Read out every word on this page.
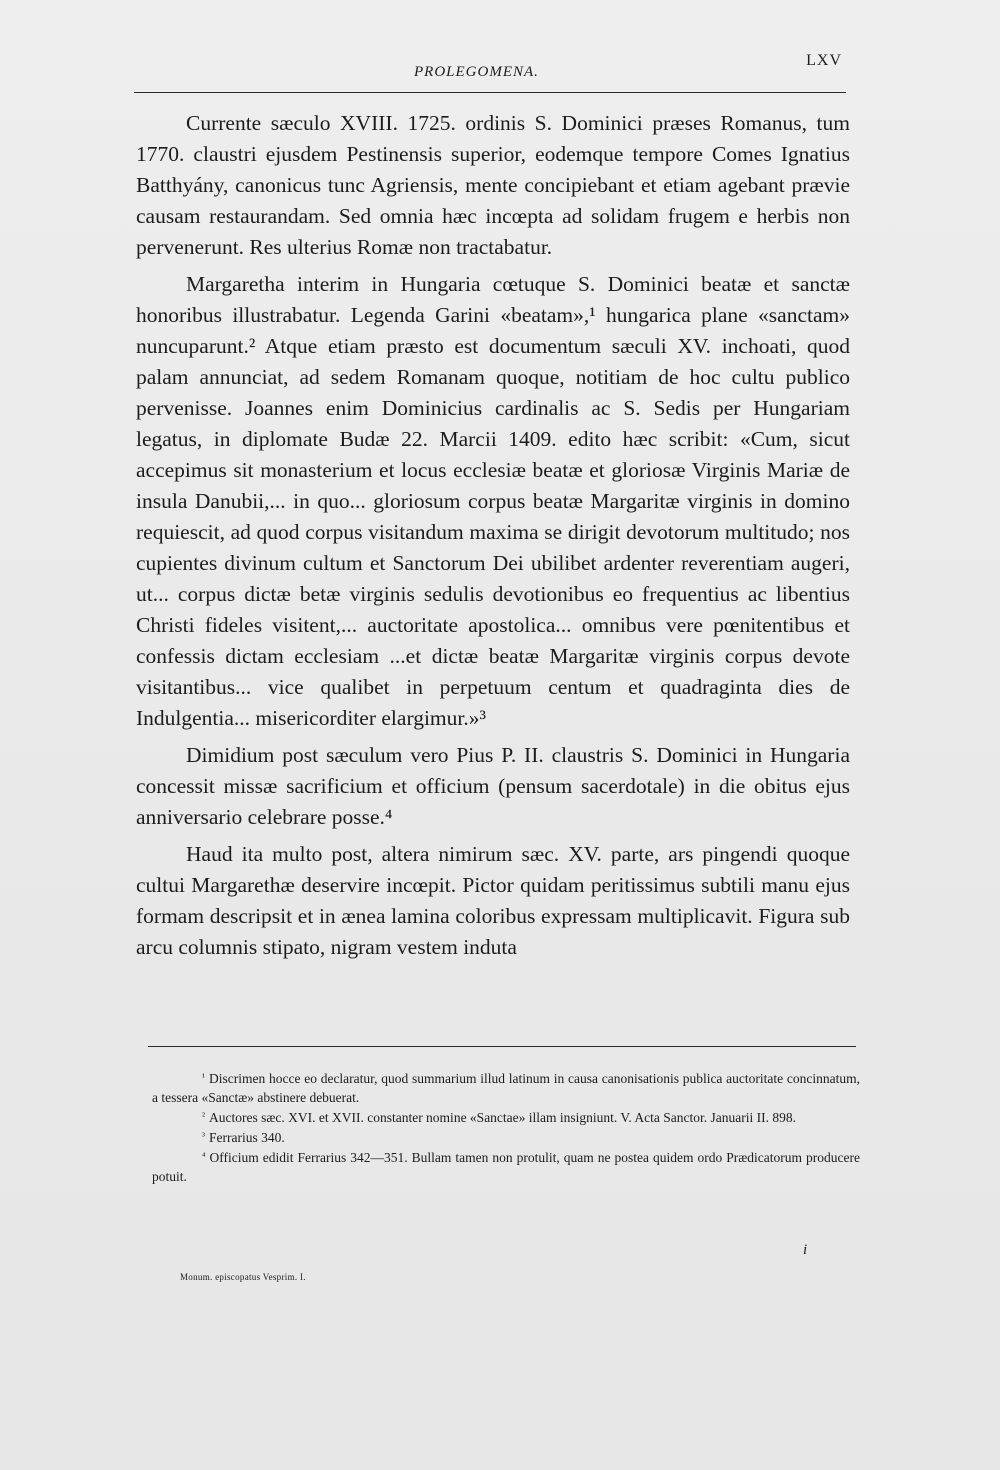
PROLEGOMENA.
LXV

Currente sæculo XVIII. 1725. ordinis S. Dominici præses Romanus, tum 1770. claustri ejusdem Pestinensis superior, eodemque tempore Comes Ignatius Batthyány, canonicus tunc Agriensis, mente concipiebant et etiam agebant prævie causam restaurandam. Sed omnia hæc incœpta ad solidam frugem e herbis non pervenerunt. Res ulterius Romæ non tractabatur.

Margaretha interim in Hungaria cœtuque S. Dominici beatæ et sanctæ honoribus illustrabatur. Legenda Garini «beatam»,¹ hungarica plane «sanctam» nuncuparunt.² Atque etiam præsto est documentum sæculi XV. inchoati, quod palam annunciat, ad sedem Romanam quoque, notitiam de hoc cultu publico pervenisse. Joannes enim Dominicius cardinalis ac S. Sedis per Hungariam legatus, in diplomate Budæ 22. Marcii 1409. edito hæc scribit: «Cum, sicut accepimus sit monasterium et locus ecclesiæ beatæ et gloriosæ Virginis Mariæ de insula Danubii,... in quo... gloriosum corpus beatæ Margaritæ virginis in domino requiescit, ad quod corpus visitandum maxima se dirigit devotorum multitudo; nos cupientes divinum cultum et Sanctorum Dei ubilibet ardenter reverentiam augeri, ut... corpus dictæ betæ virginis sedulis devotionibus eo frequentius ac libentius Christi fideles visitent,... auctoritate apostolica... omnibus vere pœnitentibus et confessis dictam ecclesiam ...et dictæ beatæ Margaritæ virginis corpus devote visitantibus... vice qualibet in perpetuum centum et quadraginta dies de Indulgentia... misericorditer elargimur.»³

Dimidium post sæculum vero Pius P. II. claustris S. Dominici in Hungaria concessit missæ sacrificium et officium (pensum sacerdotale) in die obitus ejus anniversario celebrare posse.⁴

Haud ita multo post, altera nimirum sæc. XV. parte, ars pingendi quoque cultui Margarethæ deservire incœpit. Pictor quidam peritissimus subtili manu ejus formam descripsit et in ænea lamina coloribus expressam multiplicavit. Figura sub arcu columnis stipato, nigram vestem induta

$^{^1}$ Discrimen hocce eo declaratur, quod summarium illud latinum in causa canonisationis publica auctoritate concinnatum, a tessera «Sanctæ» abstinere debuerat.

$^{^2}$ Auctores sæc. XVI. et XVII. constanter nomine «Sanctae» illam insigniunt. V. Acta Sanctor. Januarii II. 898.

$^{^3}$ Ferrarius 340.

$^{^4}$ Officium edidit Ferrarius 342—351. Bullam tamen non protulit, quam ne postea quidem ordo Prædicatorum producere potuit.

i
Monum. episcopatus Vesprim. I.
